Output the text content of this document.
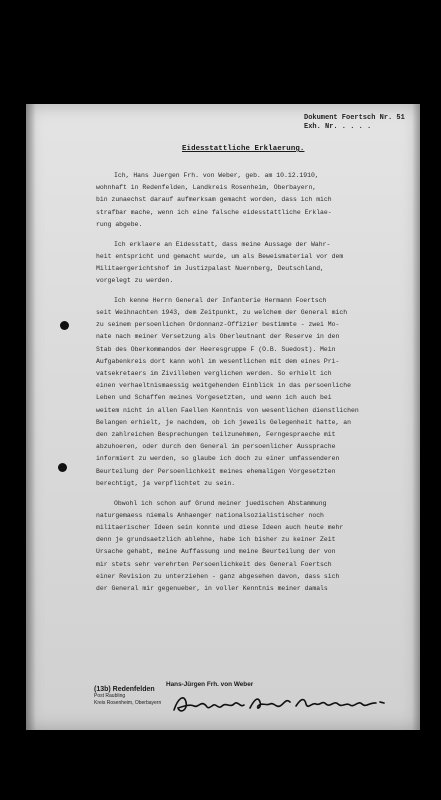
Dokument Foertsch Nr. 51
Exh. Nr. . . . .
Eidesstattliche Erklaerung.
Ich, Hans Juergen Frh. von Weber, geb. am 10.12.1910,
wohnhaft in Redenfelden, Landkreis Rosenheim, Oberbayern,
bin zunaechst darauf aufmerksam gemacht worden, dass ich mich
strafbar mache, wenn ich eine falsche eidesstattliche Erklae-
rung abgebe.
Ich erklaere an Eidesstatt, dass meine Aussage der Wahr-
heit entspricht und gemacht wurde, um als Beweismaterial vor dem
Militaergerichtshof im Justizpalast Nuernberg, Deutschland,
vorgelegt zu werden.
Ich kenne Herrn General der Infanterie Hermann Foertsch
seit Weihnachten 1943, dem Zeitpunkt, zu welchem der General mich
zu seinem persoenlichen Ordonnanz-Offizier bestimmte - zwei Mo-
nate nach meiner Versetzung als Oberleutnant der Reserve in den
Stab des Oberkommandos der Heeresgruppe F (O.B. Suedost). Mein
Aufgabenkreis dort kann wohl im wesentlichen mit dem eines Pri-
vatsekretaers im Zivilleben verglichen werden. So erhielt ich
einen verhaeltnismaessig weitgehenden Einblick in das persoenliche
Leben und Schaffen meines Vorgesetzten, und wenn ich auch bei
weitem nicht in allen Faellen Kenntnis von wesentlichen dienstlichen
Belangen erhielt, je nachdem, ob ich jeweils Gelegenheit hatte, an
den zahlreichen Besprechungen teilzunehmen, Ferngespraeche mit
abzuhoeren, oder durch den General im persoenlicher Aussprache
informiert zu werden, so glaube ich doch zu einer umfassenderen
Beurteilung der Persoenlichkeit meines ehemaligen Vorgesetzten
berechtigt, ja verpflichtet zu sein.
Obwohl ich schon auf Grund meiner juedischen Abstammung
naturgemaess niemals Anhaenger nationalsozialistischer noch
militaerischer Ideen sein konnte und diese Ideen auch heute mehr
denn je grundsaetzlich ablehne, habe ich bisher zu keiner Zeit
Ursache gehabt, meine Auffassung und meine Beurteilung der von
mir stets sehr verehrten Persoenlichkeit des General Foertsch
einer Revision zu unterziehen - ganz abgesehen davon, dass sich
der General mir gegenueber, in voller Kenntnis meiner damals
(13b) Redenfelden
Post Raubling
Kreis Rosenheim, Oberbayern
Hans-Jürgen Frh. von Weber
